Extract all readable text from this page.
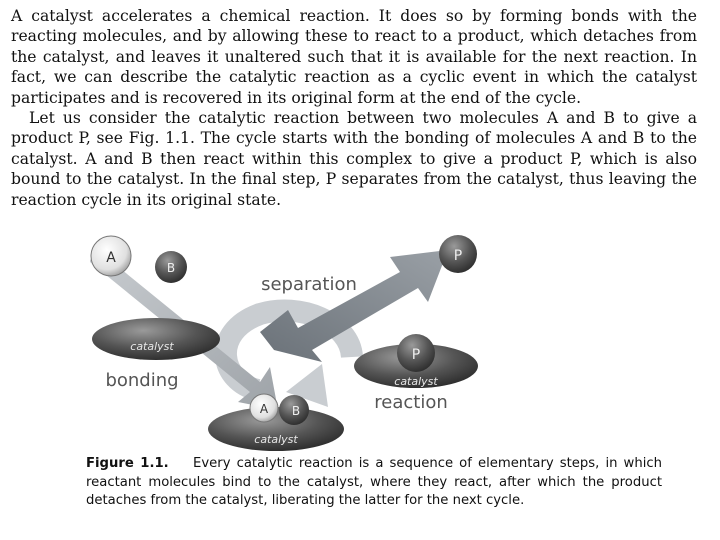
A catalyst accelerates a chemical reaction. It does so by forming bonds with the reacting molecules, and by allowing these to react to a product, which detaches from the catalyst, and leaves it unaltered such that it is available for the next reaction. In fact, we can describe the catalytic reaction as a cyclic event in which the catalyst participates and is recovered in its original form at the end of the cycle.

Let us consider the catalytic reaction between two molecules A and B to give a product P, see Fig. 1.1. The cycle starts with the bonding of molecules A and B to the catalyst. A and B then react within this complex to give a product P, which is also bound to the catalyst. In the final step, P separates from the catalyst, thus leaving the reaction cycle in its original state.

A
B
catalyst
separation
bonding	catalyst
P
reaction
P
catalyst
A B

Figure 1.1. Every catalytic reaction is a sequence of elementary steps, in which reactant molecules bind to the catalyst, where they react, after which the product detaches from the catalyst, liberating the latter for the next cycle.
